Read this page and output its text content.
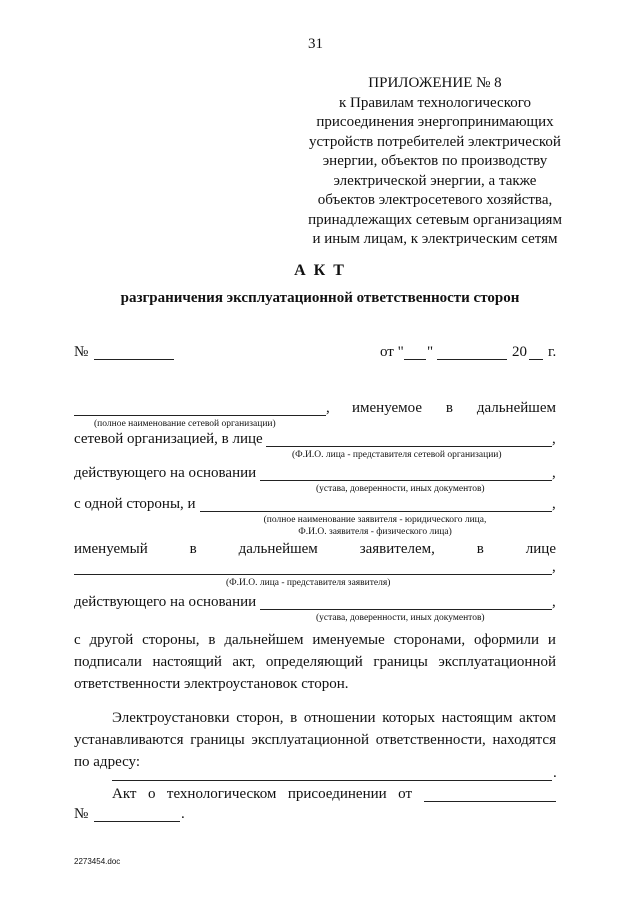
31
ПРИЛОЖЕНИЕ № 8
к Правилам технологического
присоединения энергопринимающих
устройств потребителей электрической
энергии, объектов по производству
электрической энергии, а также
объектов электросетевого хозяйства,
принадлежащих сетевым организациям
и иным лицам, к электрическим сетям
А К Т
разграничения эксплуатационной ответственности сторон
№	от " "	20 г.
, именуемое в дальнейшем
(полное наименование сетевой организации)
сетевой организацией, в лице	,
(Ф.И.О. лица - представителя сетевой организации)
действующего на основании	,
(устава, доверенности, иных документов)
с одной стороны, и	,
(полное наименование заявителя - юридического лица,
Ф.И.О. заявителя - физического лица)
именуемый	в	дальнейшем	заявителем,	в	лице
,
(Ф.И.О. лица - представителя заявителя)
действующего на основании	,
(устава, доверенности, иных документов)
с другой стороны, в дальнейшем именуемые сторонами, оформили и
подписали настоящий акт, определяющий границы эксплуатационной
ответственности электроустановок сторон.
Электроустановки сторон, в отношении которых настоящим актом
устанавливаются границы эксплуатационной ответственности, находятся
по адресу:
.
Акт о технологическом присоединении от
№	.
2273454.doc
